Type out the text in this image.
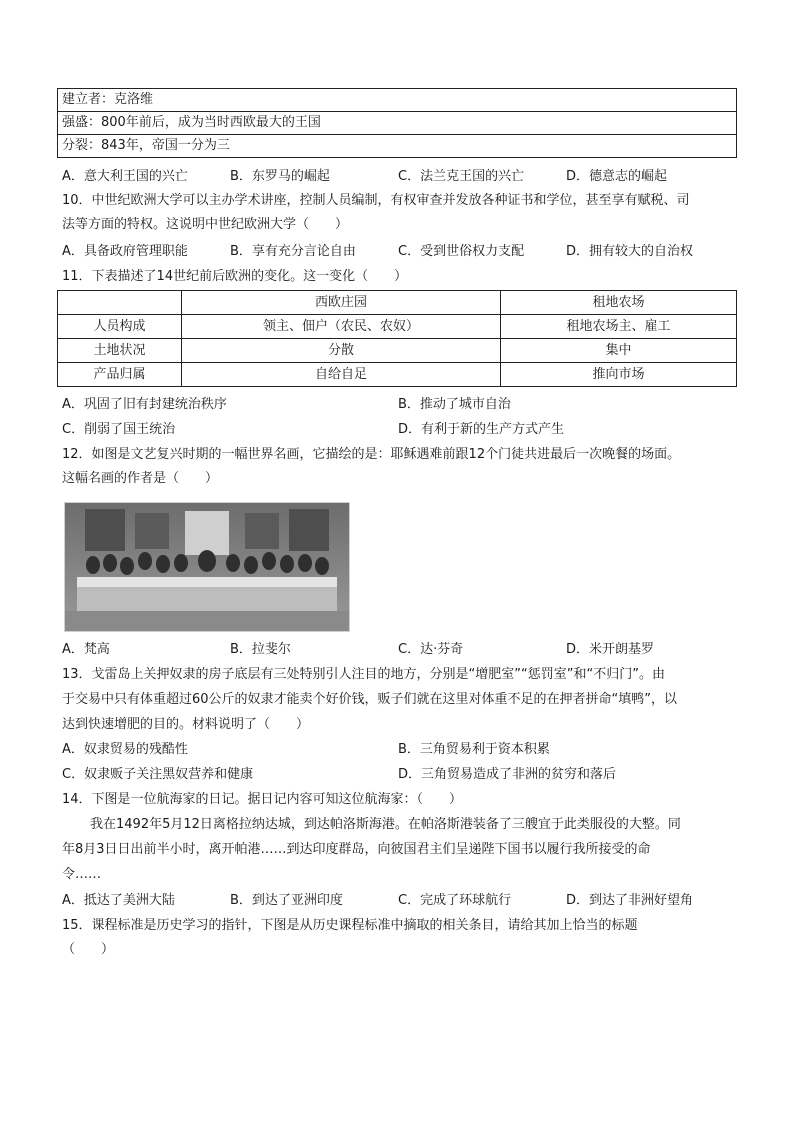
建立者：克洛维
强盛：800年前后，成为当时西欧最大的王国
分裂：843年，帝国一分为三
A．意大利王国的兴亡	B．东罗马的崛起	C．法兰克王国的兴亡	D．德意志的崛起
10．中世纪欧洲大学可以主办学术讲座，控制人员编制，有权审查并发放各种证书和学位，甚至享有赋税、司
法等方面的特权。这说明中世纪欧洲大学（　　）
A．具备政府管理职能	B．享有充分言论自由	C．受到世俗权力支配	D．拥有较大的自治权
11．下表描述了14世纪前后欧洲的变化。这一变化（　　）
	西欧庄园	租地农场
人员构成	领主、佃户（农民、农奴）	租地农场主、雇工
土地状况	分散	集中
产品归属	自给自足	推向市场
A．巩固了旧有封建统治秩序	B．推动了城市自治
C．削弱了国王统治	D．有利于新的生产方式产生
12．如图是文艺复兴时期的一幅世界名画，它描绘的是：耶稣遇难前跟12个门徒共进最后一次晚餐的场面。
这幅名画的作者是（　　）
A．梵高	B．拉斐尔	C．达·芬奇	D．米开朗基罗
13．戈雷岛上关押奴隶的房子底层有三处特别引人注目的地方，分别是“增肥室”“惩罚室”和“不归门”。由
于交易中只有体重超过60公斤的奴隶才能卖个好价钱，贩子们就在这里对体重不足的在押者拼命“填鸭”，以
达到快速增肥的目的。材料说明了（　　）
A．奴隶贸易的残酷性	B．三角贸易利于资本积累
C．奴隶贩子关注黑奴营养和健康	D．三角贸易造成了非洲的贫穷和落后
14．下图是一位航海家的日记。据日记内容可知这位航海家：（　　）
我在1492年5月12日离格拉纳达城，到达帕洛斯海港。在帕洛斯港装备了三艘宜于此类服役的大整。同
年8月3日日出前半小时，离开帕港……到达印度群岛，向彼国君主们呈递陛下国书以履行我所接受的命
令……
A．抵达了美洲大陆	B．到达了亚洲印度	C．完成了环球航行	D．到达了非洲好望角
15．课程标准是历史学习的指针，下图是从历史课程标准中摘取的相关条目，请给其加上恰当的标题
（　　）
